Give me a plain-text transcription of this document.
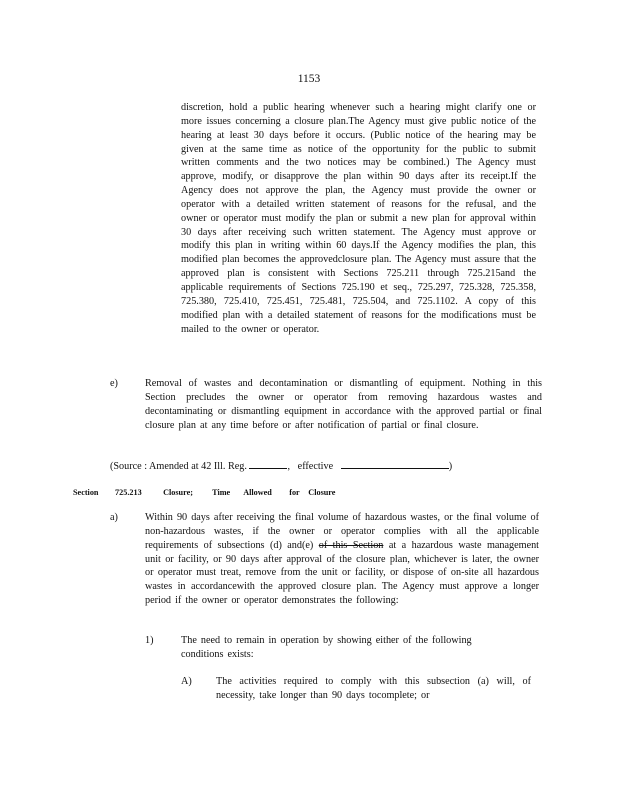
1153
discretion, hold a public hearing whenever such a hearing might clarify one or more issues concerning a closure plan.The Agency must give public notice of the hearing at least 30 days before it occurs. (Public notice of the hearing may be given at the same time as notice of the opportunity for the public to submit written comments and the two notices may be combined.) The Agency must approve, modify, or disapprove the plan within 90 days after its receipt.If the Agency does not approve the plan, the Agency must provide the owner or operator with a detailed written statement of reasons for the refusal, and the owner or operator must modify the plan or submit a new plan for approval within 30 days after receiving such written statement. The Agency must approve or modify this plan in writing within 60 days.If the Agency modifies the plan, this modified plan becomes the approvedclosure plan. The Agency must assure that the approved plan is consistent with Sections 725.211 through 725.215and the applicable requirements of Sections 725.190 et seq., 725.297, 725.328, 725.358, 725.380, 725.410, 725.451, 725.481, 725.504, and 725.1102. A copy of this modified plan with a detailed statement of reasons for the modifications must be mailed to the owner or operator.
e)	Removal of wastes and decontamination or dismantling of equipment. Nothing in this Section precludes the owner or operator from removing hazardous wastes and decontaminating or dismantling equipment in accordance with the approved partial or final closure plan at any time before or after notification of partial or final closure.
(Source : Amended at 42 Ill. Reg.	, effective	)
Section 725.213	Closure; Time Allowed for Closure
a)	Within 90 days after receiving the final volume of hazardous wastes, or the final volume of non-hazardous wastes, if the owner or operator complies with all the applicable requirements of subsections (d) and(e) of this Section at a hazardous waste management unit or facility, or 90 days after approval of the closure plan, whichever is later, the owner or operator must treat, remove from the unit or facility, or dispose of on-site all hazardous wastes in accordancewith the approved closure plan. The Agency must approve a longer period if the owner or operator demonstrates the following:
1)	The need to remain in operation by showing either of the following conditions exists:
A) The activities required to comply with this subsection (a) will, of necessity, take longer than 90 days tocomplete; or
